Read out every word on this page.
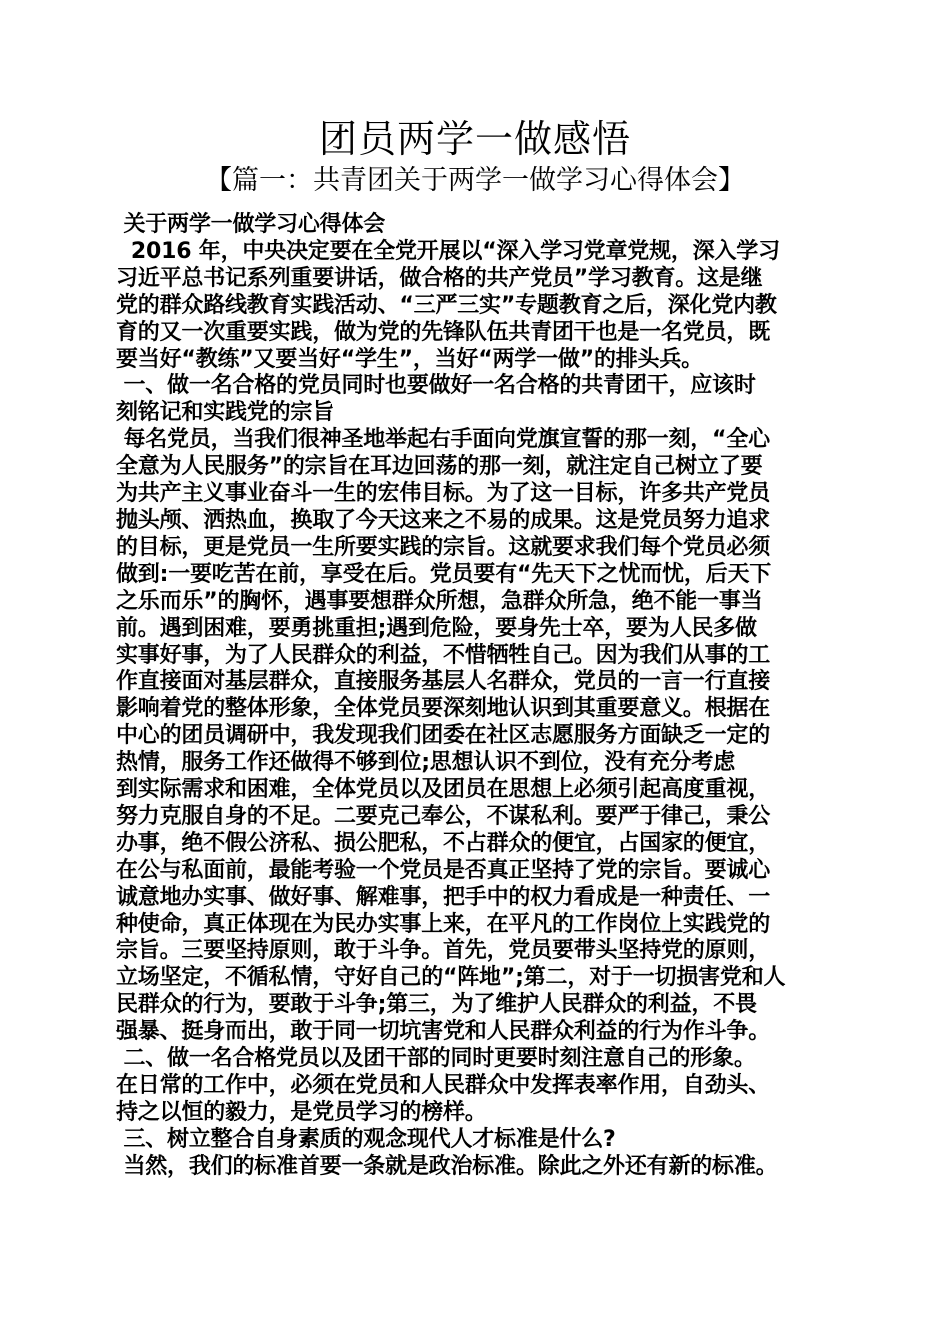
团员两学一做感悟
【篇一：共青团关于两学一做学习心得体会】
关于两学一做学习心得体会
2016 年，中央决定要在全党开展以“深入学习党章党规，深入学习
习近平总书记系列重要讲话，做合格的共产党员”学习教育。这是继
党的群众路线教育实践活动、“三严三实”专题教育之后，深化党内教
育的又一次重要实践，做为党的先锋队伍共青团干也是一名党员，既
要当好“教练”又要当好“学生”，当好“两学一做”的排头兵。
一、做一名合格的党员同时也要做好一名合格的共青团干，应该时
刻铭记和实践党的宗旨
每名党员，当我们很神圣地举起右手面向党旗宣誓的那一刻，“全心
全意为人民服务”的宗旨在耳边回荡的那一刻，就注定自己树立了要
为共产主义事业奋斗一生的宏伟目标。为了这一目标，许多共产党员
抛头颅、洒热血，换取了今天这来之不易的成果。这是党员努力追求
的目标，更是党员一生所要实践的宗旨。这就要求我们每个党员必须
做到:一要吃苦在前，享受在后。党员要有“先天下之忧而忧，后天下
之乐而乐”的胸怀，遇事要想群众所想，急群众所急，绝不能一事当
前。遇到困难，要勇挑重担;遇到危险，要身先士卒，要为人民多做
实事好事，为了人民群众的利益，不惜牺牲自己。因为我们从事的工
作直接面对基层群众，直接服务基层人名群众，党员的一言一行直接
影响着党的整体形象，全体党员要深刻地认识到其重要意义。根据在
中心的团员调研中，我发现我们团委在社区志愿服务方面缺乏一定的
热情，服务工作还做得不够到位;思想认识不到位，没有充分考虑
到实际需求和困难，全体党员以及团员在思想上必须引起高度重视，
努力克服自身的不足。二要克己奉公，不谋私利。要严于律己，秉公
办事，绝不假公济私、损公肥私，不占群众的便宜，占国家的便宜，
在公与私面前，最能考验一个党员是否真正坚持了党的宗旨。要诚心
诚意地办实事、做好事、解难事，把手中的权力看成是一种责任、一
种使命，真正体现在为民办实事上来，在平凡的工作岗位上实践党的
宗旨。三要坚持原则，敢于斗争。首先，党员要带头坚持党的原则，
立场坚定，不循私情，守好自己的“阵地”;第二，对于一切损害党和人
民群众的行为，要敢于斗争;第三，为了维护人民群众的利益，不畏
强暴、挺身而出，敢于同一切坑害党和人民群众利益的行为作斗争。
二、做一名合格党员以及团干部的同时更要时刻注意自己的形象。
在日常的工作中，必须在党员和人民群众中发挥表率作用，自劲头、
持之以恒的毅力，是党员学习的榜样。
三、树立整合自身素质的观念现代人才标准是什么?
当然，我们的标准首要一条就是政治标准。除此之外还有新的标准。
